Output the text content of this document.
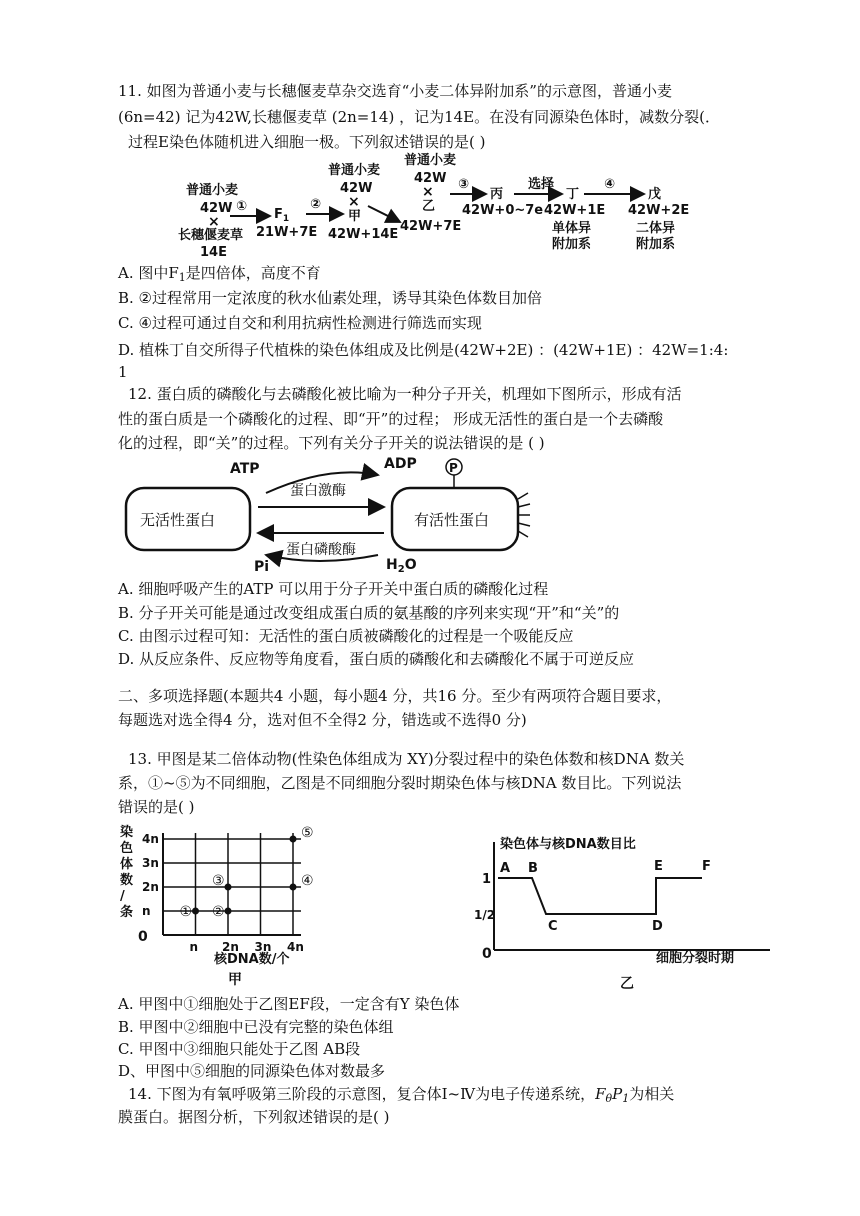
11. 如图为普通小麦与长穗偃麦草杂交选育“小麦二体异附加系”的示意图，普通小麦
(6n=42) 记为42W,长穗偃麦草 (2n=14) ，记为14E。在没有同源染色体时，减数分裂(．
过程E染色体随机进入细胞一极。下列叙述错误的是( )
普通小麦
42W
×
长穗偃麦草
14E
①
$F_1$
21W+7E
②
普通小麦
42W
×
甲
42W+14E
普通小麦
42W
×
乙
42W+7E
③
丙
42W+0~7e
选择
丁
42W+1E
单体异
附加系
④
戊
42W+2E
二体异
附加系
A. 图中$F_1$是四倍体，高度不育
B. ②过程常用一定浓度的秋水仙素处理，诱导其染色体数目加倍
C. ④过程可通过自交和利用抗病性检测进行筛选而实现
D. 植株丁自交所得子代植株的染色体组成及比例是(42W+2E) ：(42W+1E) ：42W=1:4:
1
12. 蛋白质的磷酸化与去磷酸化被比喻为一种分子开关，机理如下图所示，形成有活
性的蛋白质是一个磷酸化的过程、即“开”的过程； 形成无活性的蛋白是一个去磷酸
化的过程，即“关”的过程。下列有关分子开关的说法错误的是 ( )
无活性蛋白	有活性蛋白
P
ATP	ADP
蛋白激酶
蛋白磷酸酶
Pi	$H_2O$
A. 细胞呼吸产生的ATP 可以用于分子开关中蛋白质的磷酸化过程
B. 分子开关可能是通过改变组成蛋白质的氨基酸的序列来实现“开”和“关”的
C. 由图示过程可知：无活性的蛋白质被磷酸化的过程是一个吸能反应
D. 从反应条件、反应物等角度看，蛋白质的磷酸化和去磷酸化不属于可逆反应
二、多项选择题(本题共4 小题，每小题4 分，共16 分。至少有两项符合题目要求，
每题选对选全得4 分，选对但不全得2 分，错选或不选得0 分)
13. 甲图是某二倍体动物(性染色体组成为 XY)分裂过程中的染色体数和核DNA 数关
系，①~⑤为不同细胞，乙图是不同细胞分裂时期染色体与核DNA 数目比。下列说法
错误的是( )
染
色
体
数
/
条 n
2n
3n
4n
n 2n 3n 4n
① ②
③	④
⑤
0
核DNA数/个
甲
1
1/2
A B
C	D
E	F
染色体与核DNA数目比
0	细胞分裂时期
乙
A. 甲图中①细胞处于乙图EF段，一定含有Y 染色体
B. 甲图中②细胞中已没有完整的染色体组
C. 甲图中③细胞只能处于乙图 AB段
D、甲图中⑤细胞的同源染色体对数最多
14. 下图为有氧呼吸第三阶段的示意图，复合体Ⅰ~Ⅳ为电子传递系统，$F_\theta P_1$为相关
膜蛋白。据图分析，下列叙述错误的是( )
